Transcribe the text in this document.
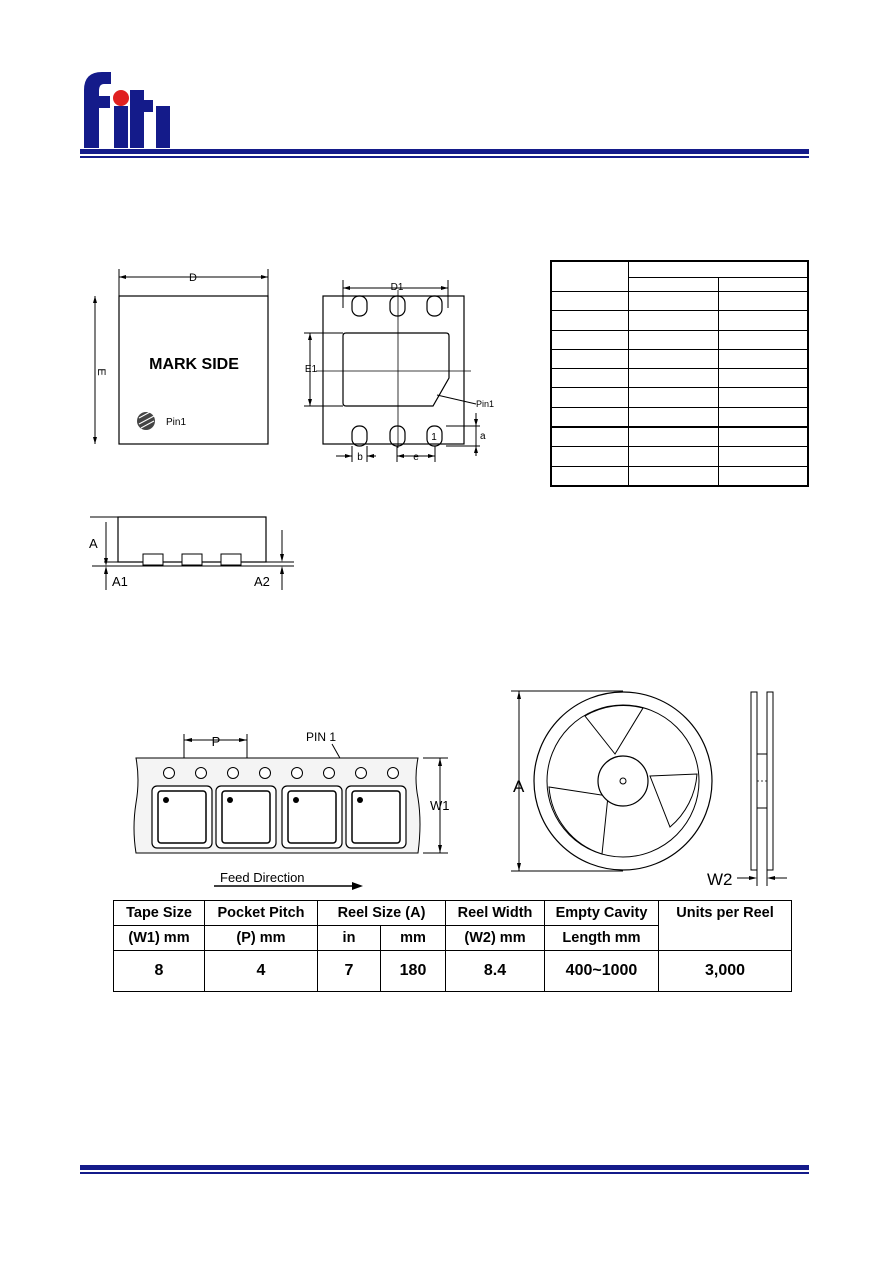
D
E	MARK SIDE
Pin1
D1
E1
1
Pin1
a
b	e

A
A1	A2
P	PIN 1
W1
Feed Direction
A
W2
Tape Size	Pocket Pitch	Reel Size (A)		Reel Width	Empty Cavity	Units per Reel
(W1) mm	(P) mm	in	mm	(W2) mm	Length mm	
8	4	7	180	8.4	400~1000	3,000
